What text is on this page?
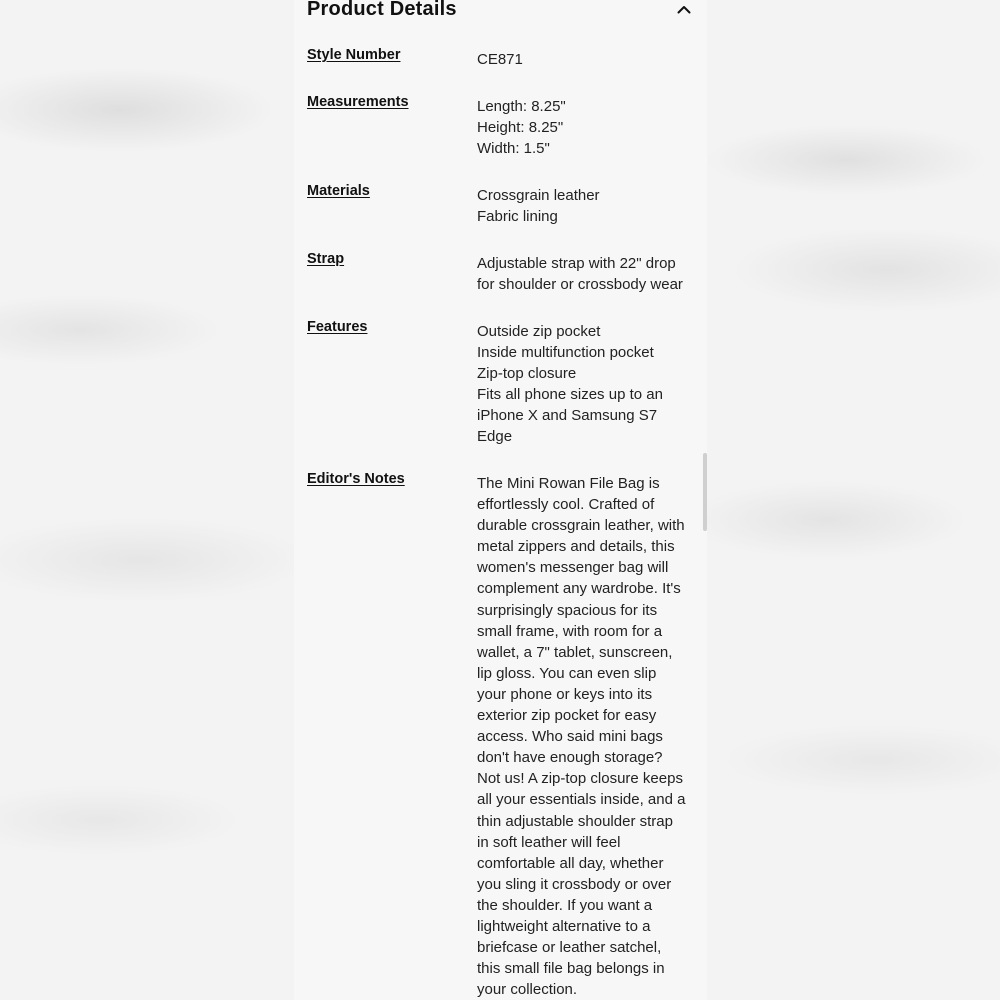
Product Details
Style Number	CE871
Measurements	Length: 8.25"
Height: 8.25"
Width: 1.5"
Materials	Crossgrain leather
Fabric lining
Strap	Adjustable strap with 22" drop
for shoulder or crossbody wear
Features	Outside zip pocket
Inside multifunction pocket
Zip-top closure
Fits all phone sizes up to an
iPhone X and Samsung S7
Edge
Editor's Notes	The Mini Rowan File Bag is
effortlessly cool. Crafted of
durable crossgrain leather, with
metal zippers and details, this
women's messenger bag will
complement any wardrobe. It's
surprisingly spacious for its
small frame, with room for a
wallet, a 7" tablet, sunscreen,
lip gloss. You can even slip
your phone or keys into its
exterior zip pocket for easy
access. Who said mini bags
don't have enough storage?
Not us! A zip-top closure keeps
all your essentials inside, and a
thin adjustable shoulder strap
in soft leather will feel
comfortable all day, whether
you sling it crossbody or over
the shoulder. If you want a
lightweight alternative to a
briefcase or leather satchel,
this small file bag belongs in
your collection.
